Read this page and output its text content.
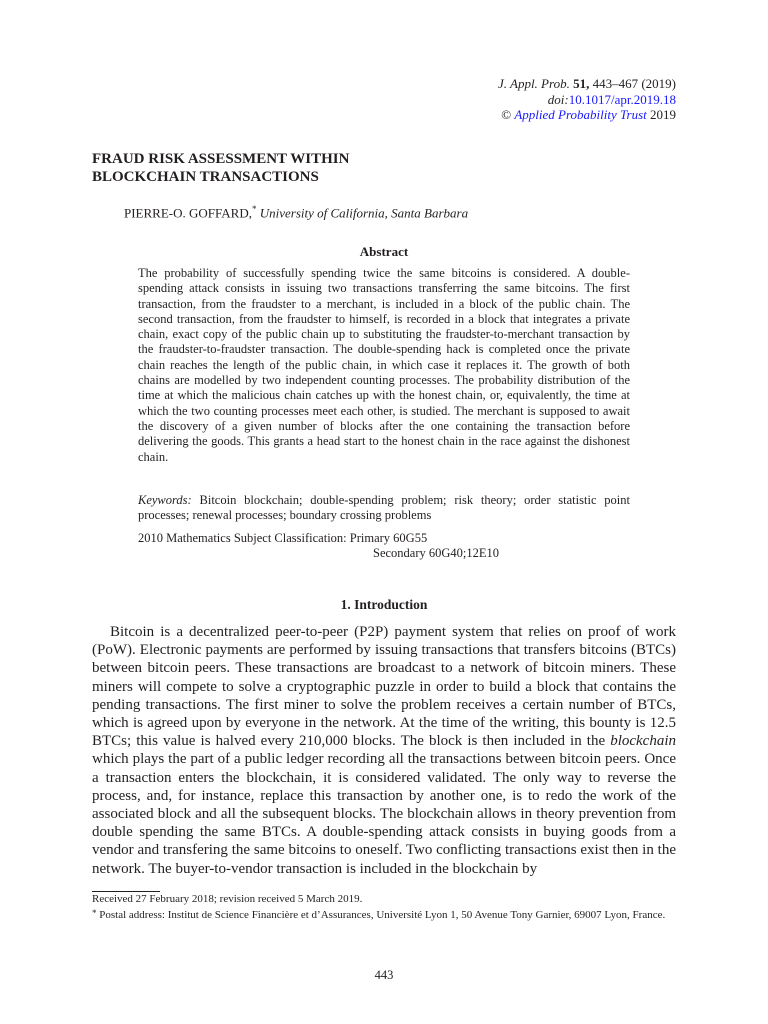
J. Appl. Prob. 51, 443–467 (2019)
doi:10.1017/apr.2019.18
© Applied Probability Trust 2019
FRAUD RISK ASSESSMENT WITHIN
BLOCKCHAIN TRANSACTIONS
PIERRE-O. GOFFARD,* University of California, Santa Barbara
Abstract
The probability of successfully spending twice the same bitcoins is considered. A double-spending attack consists in issuing two transactions transferring the same bitcoins. The first transaction, from the fraudster to a merchant, is included in a block of the public chain. The second transaction, from the fraudster to himself, is recorded in a block that integrates a private chain, exact copy of the public chain up to substituting the fraudster-to-merchant transaction by the fraudster-to-fraudster transaction. The double-spending hack is completed once the private chain reaches the length of the public chain, in which case it replaces it. The growth of both chains are modelled by two independent counting processes. The probability distribution of the time at which the malicious chain catches up with the honest chain, or, equivalently, the time at which the two counting processes meet each other, is studied. The merchant is supposed to await the discovery of a given number of blocks after the one containing the transaction before delivering the goods. This grants a head start to the honest chain in the race against the dishonest chain.
Keywords: Bitcoin blockchain; double-spending problem; risk theory; order statistic point processes; renewal processes; boundary crossing problems
2010 Mathematics Subject Classification: Primary 60G55
Secondary 60G40;12E10
1. Introduction
Bitcoin is a decentralized peer-to-peer (P2P) payment system that relies on proof of work (PoW). Electronic payments are performed by issuing transactions that transfers bitcoins (BTCs) between bitcoin peers. These transactions are broadcast to a network of bitcoin miners. These miners will compete to solve a cryptographic puzzle in order to build a block that contains the pending transactions. The first miner to solve the problem receives a certain number of BTCs, which is agreed upon by everyone in the network. At the time of the writing, this bounty is 12.5 BTCs; this value is halved every 210,000 blocks. The block is then included in the blockchain which plays the part of a public ledger recording all the transactions between bitcoin peers. Once a transaction enters the blockchain, it is considered validated. The only way to reverse the process, and, for instance, replace this transaction by another one, is to redo the work of the associated block and all the subsequent blocks. The blockchain allows in theory prevention from double spending the same BTCs. A double-spending attack consists in buying goods from a vendor and transfering the same bitcoins to oneself. Two conflicting transactions exist then in the network. The buyer-to-vendor transaction is included in the blockchain by
Received 27 February 2018; revision received 5 March 2019.
* Postal address: Institut de Science Financière et d’Assurances, Université Lyon 1, 50 Avenue Tony Garnier, 69007 Lyon, France.
443
